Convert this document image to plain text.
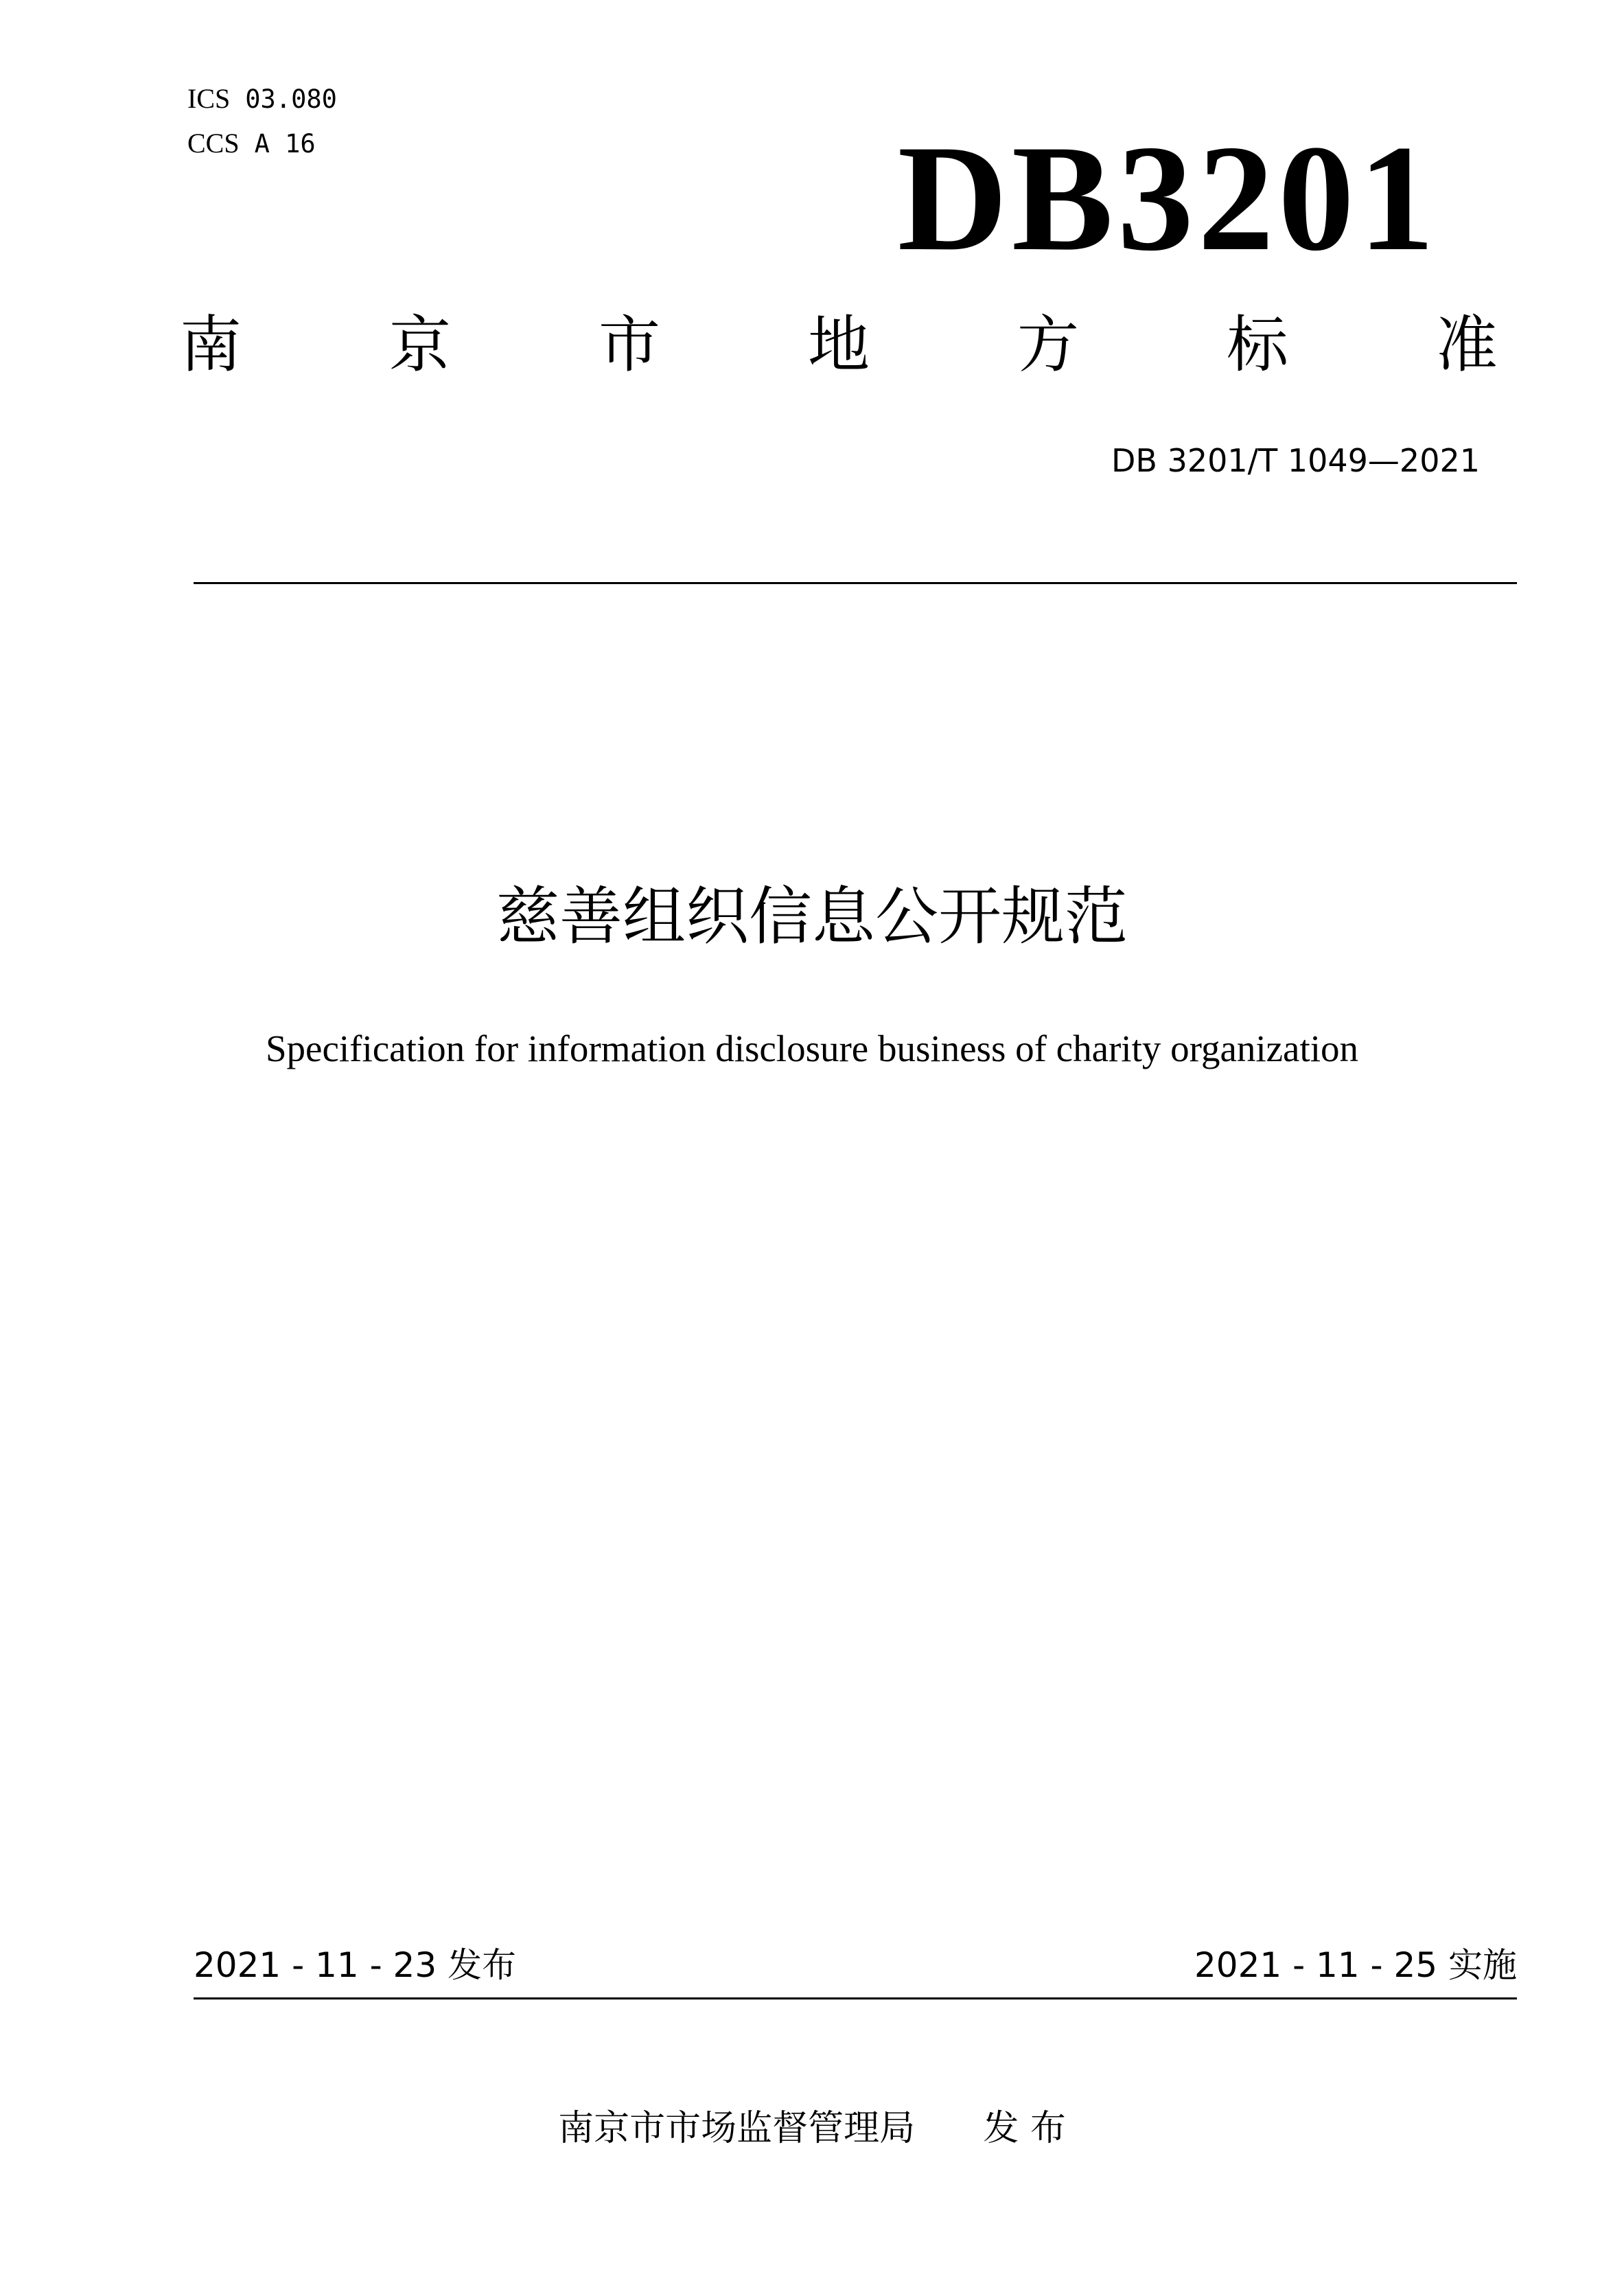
ICS 03.080
CCS A 16	DB3201
南 京 市 地 方 标 准
DB 3201/T 1049—2021
慈善组织信息公开规范
Specification for information disclosure business of charity organization
2021 - 11 - 23 发布	2021 - 11 - 25 实施
南京市市场监督管理局 发 布
